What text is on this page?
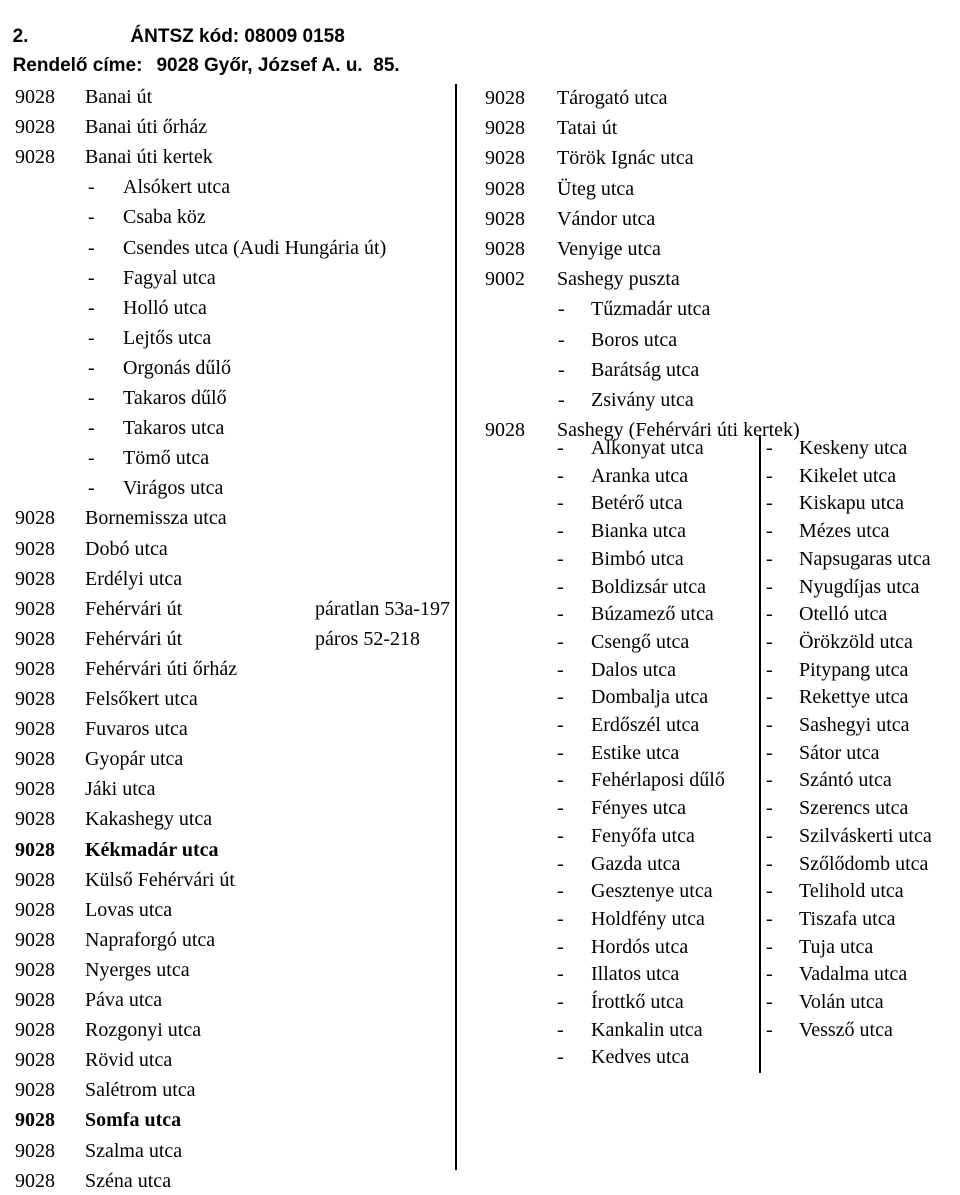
2.	ÁNTSZ kód: 08009 0158

Rendelő címe: 9028 Győr, József A. u.  85.

9028 Banai út
9028 Banai úti őrház
9028 Banai úti kertek
- Alsókert utca
- Csaba köz
- Csendes utca (Audi Hungária út)
- Fagyal utca
- Holló utca
- Lejtős utca
- Orgonás dűlő
- Takaros dűlő
- Takaros utca
- Tömő utca
- Virágos utca
9028 Bornemissza utca
9028 Dobó utca
9028 Erdélyi utca
9028 Fehérvári út	páratlan 53a-197
9028 Fehérvári út	páros 52-218
9028 Fehérvári úti őrház
9028 Felsőkert utca
9028 Fuvaros utca
9028 Gyopár utca
9028 Jáki utca
9028 Kakashegy utca
9028 Kékmadár utca
9028 Külső Fehérvári út
9028 Lovas utca
9028 Napraforgó utca
9028 Nyerges utca
9028 Páva utca
9028 Rozgonyi utca
9028 Rövid utca
9028 Salétrom utca
9028 Somfa utca
9028 Szalma utca
9028 Széna utca
9028 Tárogató utca
9028 Tatai út
9028 Török Ignác utca
9028 Üteg utca
9028 Vándor utca
9028 Venyige utca
9002 Sashegy puszta
- Tűzmadár utca
- Boros utca
- Barátság utca
- Zsivány utca
9028 Sashegy (Fehérvári úti kertek)
- Alkonyat utca
- Aranka utca
- Betérő utca
- Bianka utca
- Bimbó utca
- Boldizsár utca
- Búzamező utca
- Csengő utca
- Dalos utca
- Dombalja utca
- Erdőszél utca
- Estike utca
- Fehérlaposi dűlő
- Fényes utca
- Fenyőfa utca
- Gazda utca
- Gesztenye utca
- Holdfény utca
- Hordós utca
- Illatos utca
- Írottkő utca
- Kankalin utca
- Kedves utca
- Keskeny utca
- Kikelet utca
- Kiskapu utca
- Mézes utca
- Napsugaras utca
- Nyugdíjas utca
- Otelló utca
- Örökzöld utca
- Pitypang utca
- Rekettye utca
- Sashegyi utca
- Sátor utca
- Szántó utca
- Szerencs utca
- Szilváskerti utca
- Szőlődomb utca
- Telihold utca
- Tiszafa utca
- Tuja utca
- Vadalma utca
- Volán utca
- Vessző utca
